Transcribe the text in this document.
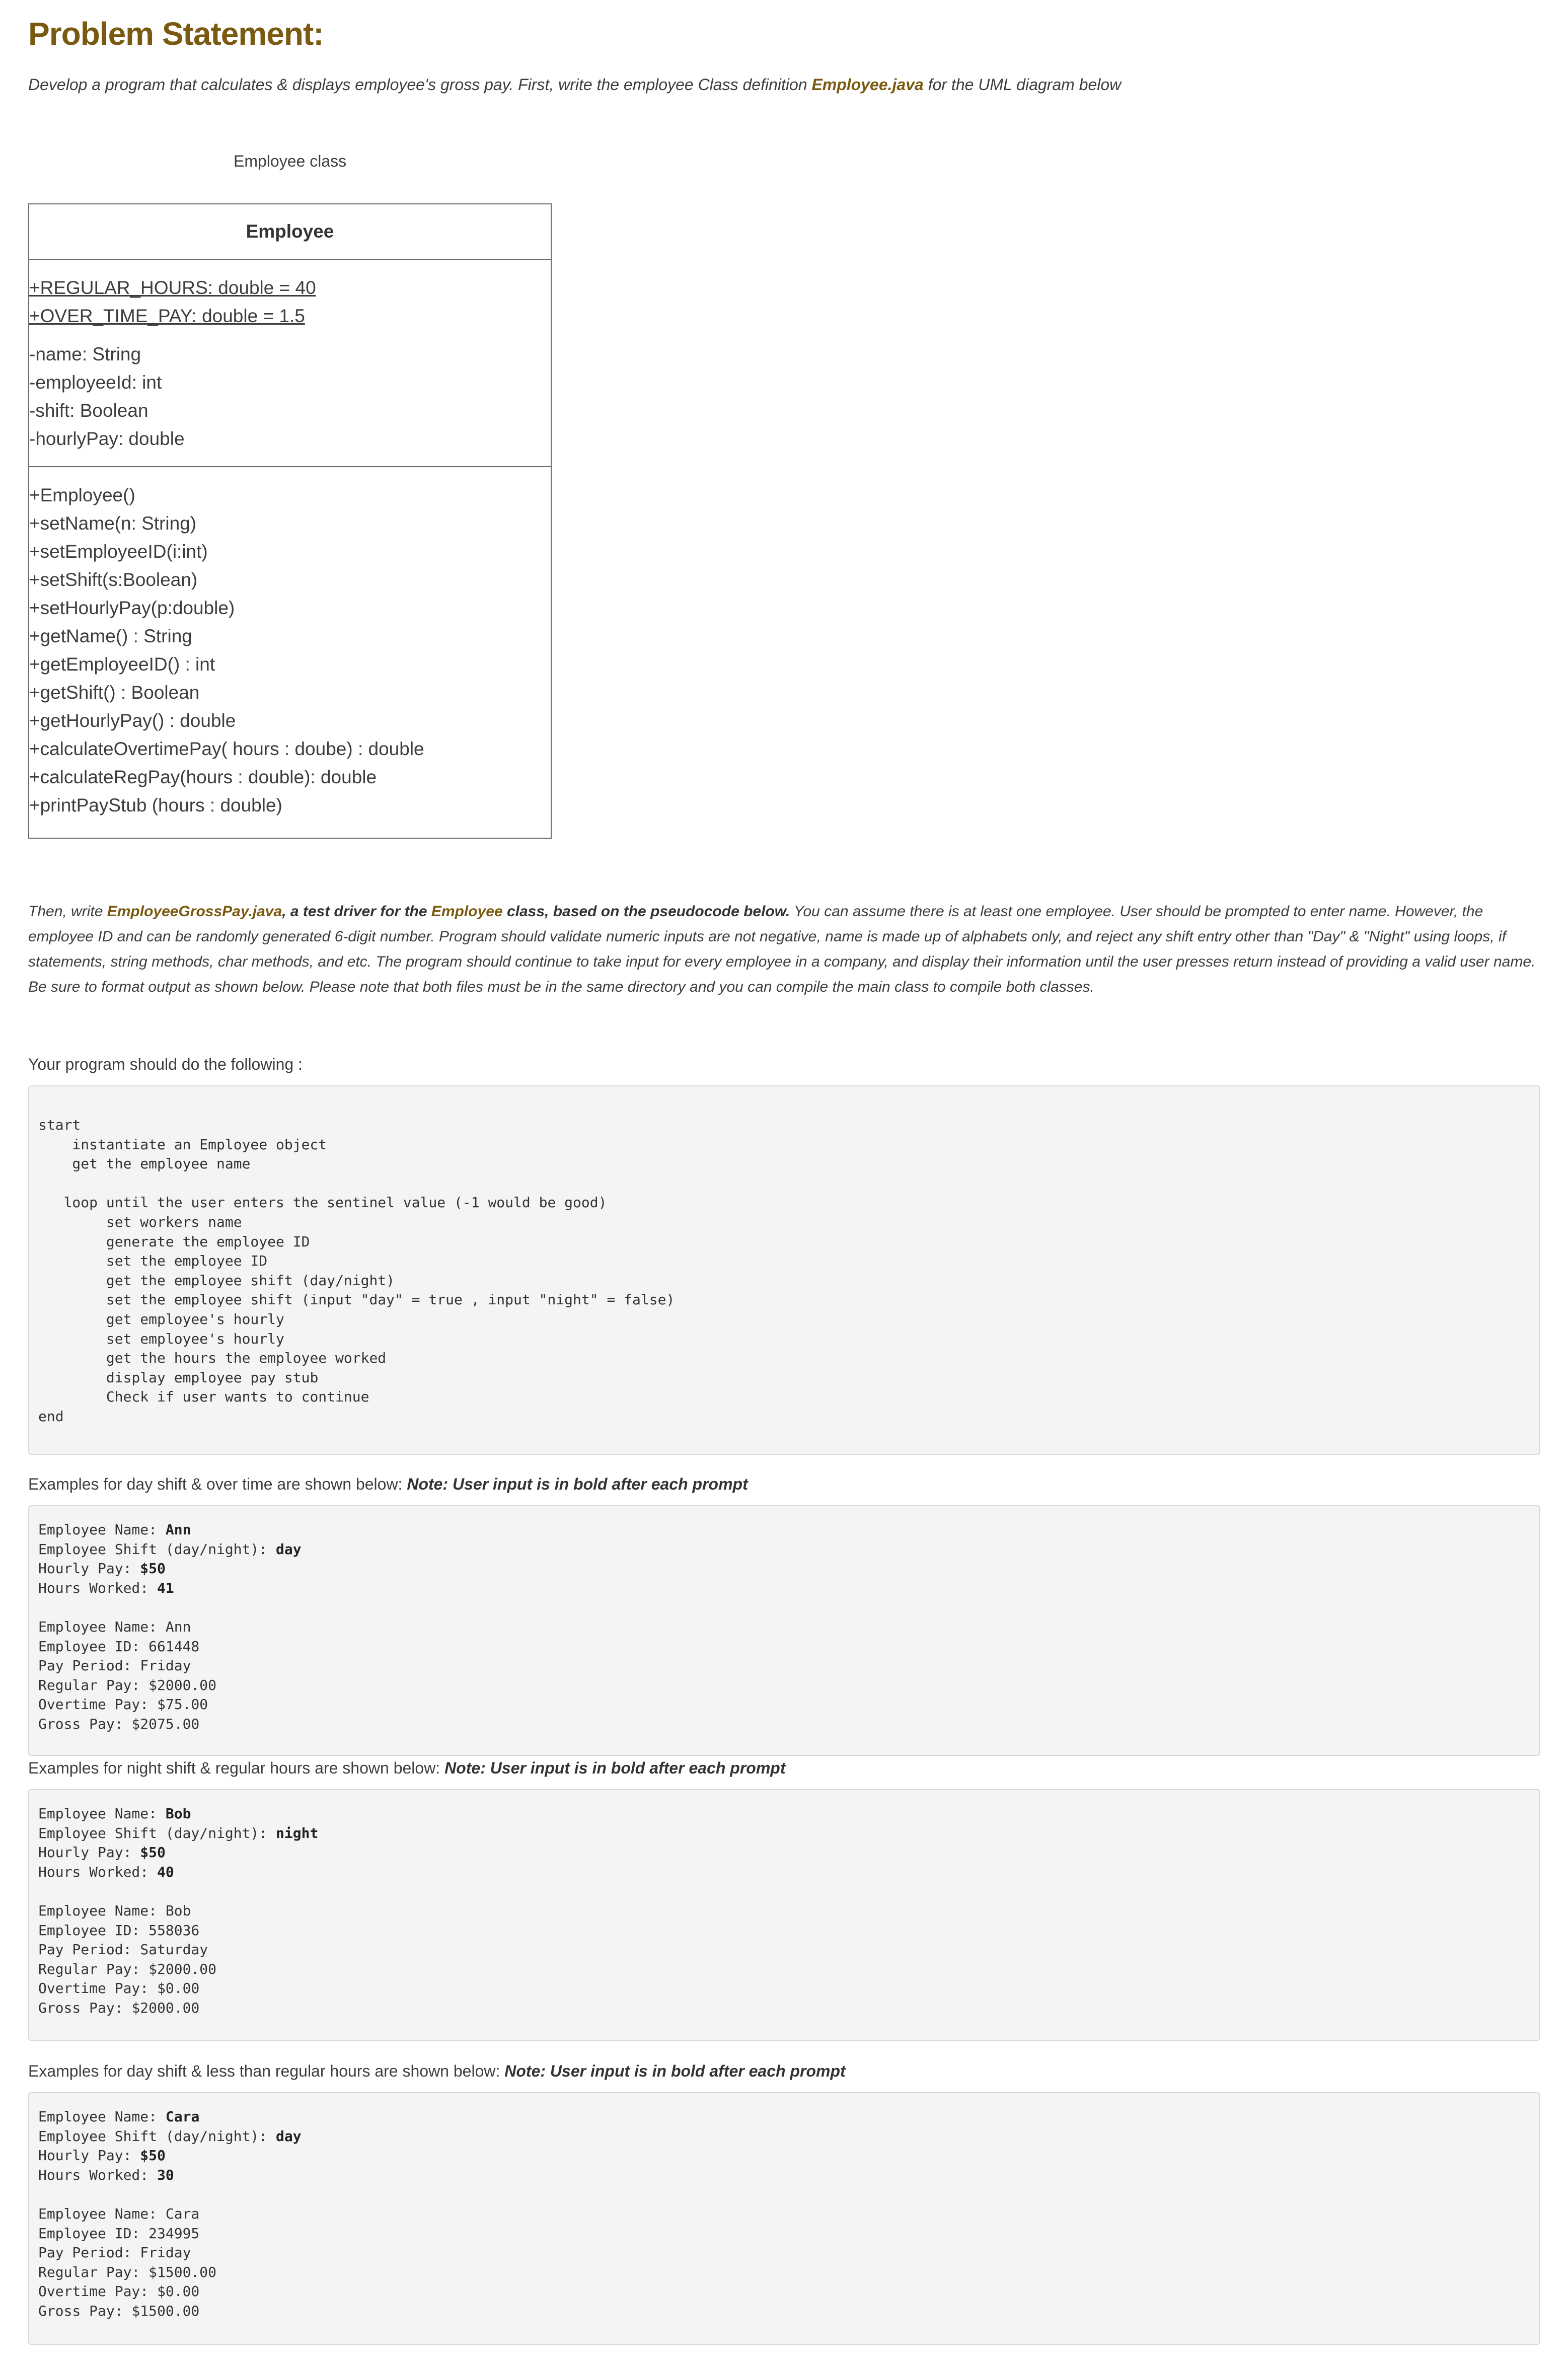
Problem Statement:
Develop a program that calculates & displays employee's gross pay. First, write the employee Class definition Employee.java for the UML diagram below
Employee class
Employee
+REGULAR_HOURS: double = 40
+OVER_TIME_PAY: double = 1.5
-name: String
-employeeId: int
-shift: Boolean
-hourlyPay: double
+Employee()
+setName(n: String)
+setEmployeeID(i:int)
+setShift(s:Boolean)
+setHourlyPay(p:double)
+getName() : String
+getEmployeeID() : int
+getShift() : Boolean
+getHourlyPay() : double
+calculateOvertimePay( hours : doube) : double
+calculateRegPay(hours : double): double
+printPayStub (hours : double)
Then, write EmployeeGrossPay.java, a test driver for the Employee class, based on the pseudocode below. You can assume there is at least one employee. User should be prompted to enter name. However, the employee ID and can be randomly generated 6-digit number. Program should validate numeric inputs are not negative, name is made up of alphabets only, and reject any shift entry other than "Day" & "Night" using loops, if statements, string methods, char methods, and etc. The program should continue to take input for every employee in a company, and display their information until the user presses return instead of providing a valid user name. Be sure to format output as shown below. Please note that both files must be in the same directory and you can compile the main class to compile both classes.
Your program should do the following :
start
instantiate an Employee object
get the employee name
loop until the user enters the sentinel value (-1 would be good)
set workers name
generate the employee ID
set the employee ID
get the employee shift (day/night)
set the employee shift (input "day" = true , input "night" = false)
get employee's hourly
set employee's hourly
get the hours the employee worked
display employee pay stub
Check if user wants to continue
end
Examples for day shift & over time are shown below: Note: User input is in bold after each prompt
Employee Name: Ann
Employee Shift (day/night): day
Hourly Pay: $50
Hours Worked: 41
Employee Name: Ann
Employee ID: 661448
Pay Period: Friday
Regular Pay: $2000.00
Overtime Pay: $75.00
Gross Pay: $2075.00
Examples for night shift & regular hours are shown below: Note: User input is in bold after each prompt
Employee Name: Bob
Employee Shift (day/night): night
Hourly Pay: $50
Hours Worked: 40
Employee Name: Bob
Employee ID: 558036
Pay Period: Saturday
Regular Pay: $2000.00
Overtime Pay: $0.00
Gross Pay: $2000.00
Examples for day shift & less than regular hours are shown below: Note: User input is in bold after each prompt
Employee Name: Cara
Employee Shift (day/night): day
Hourly Pay: $50
Hours Worked: 30
Employee Name: Cara
Employee ID: 234995
Pay Period: Friday
Regular Pay: $1500.00
Overtime Pay: $0.00
Gross Pay: $1500.00
